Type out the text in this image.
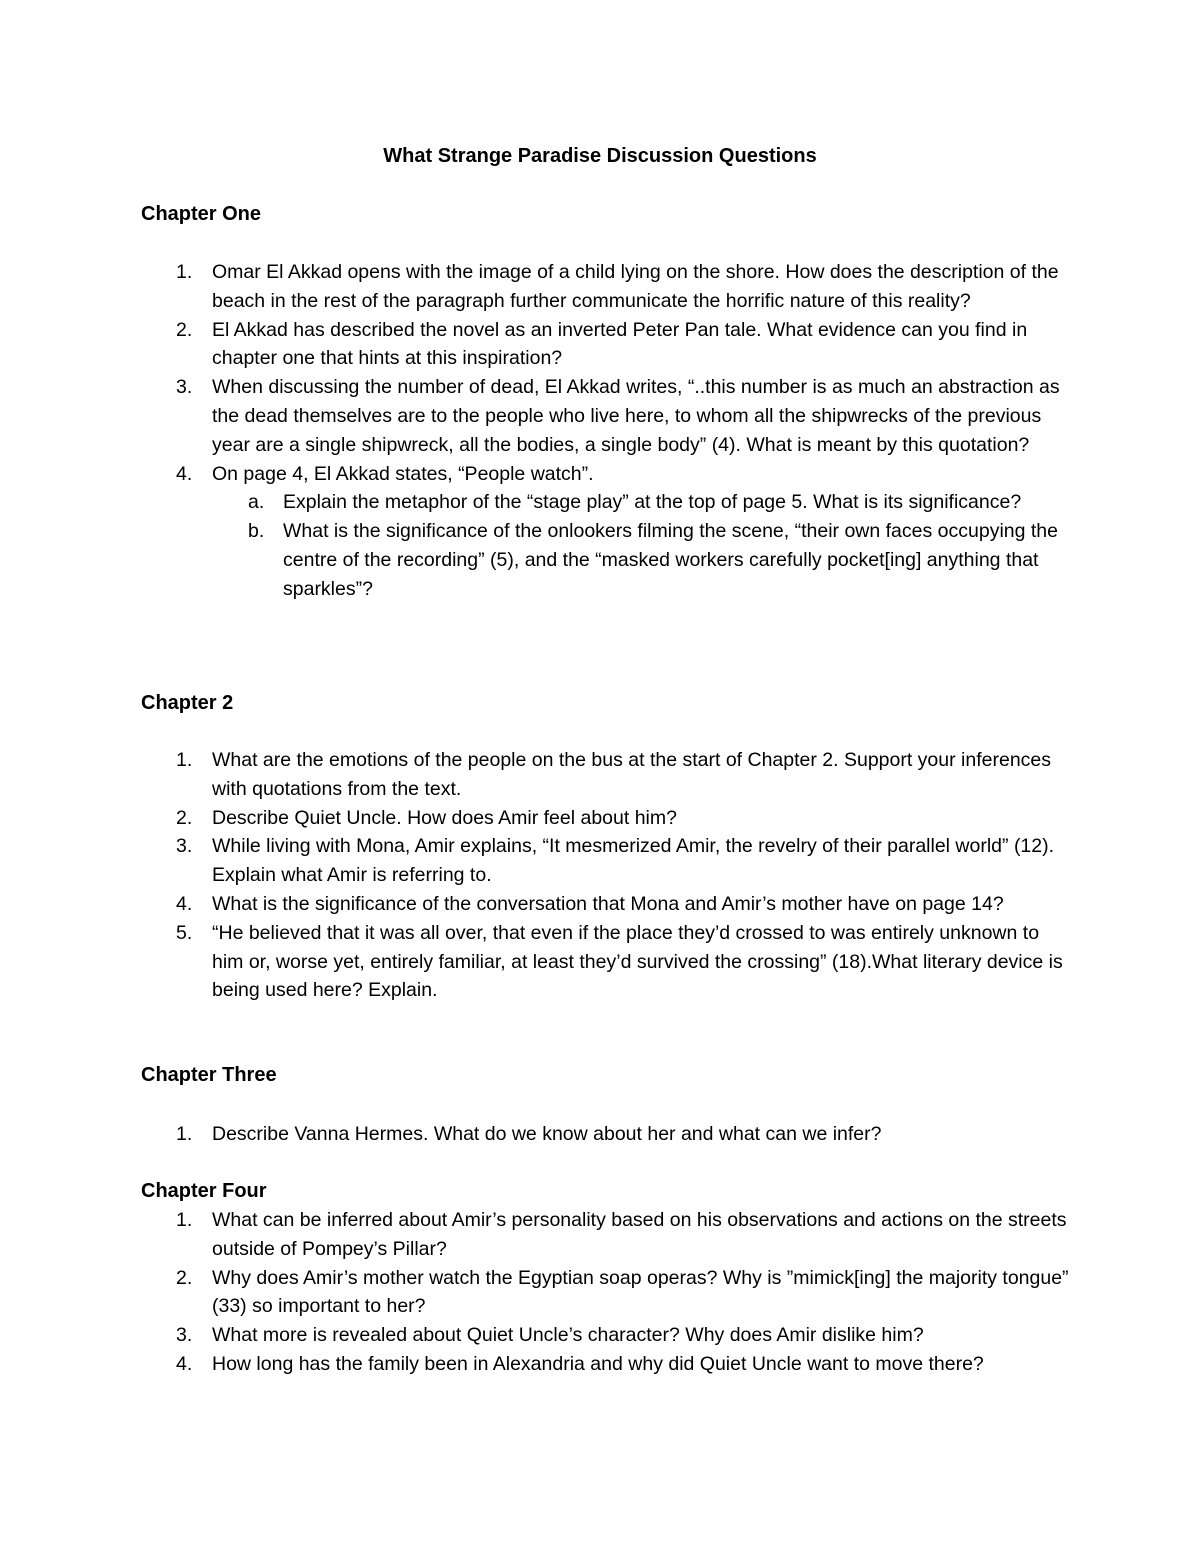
What Strange Paradise Discussion Questions
Chapter One
1. Omar El Akkad opens with the image of a child lying on the shore. How does the description of the beach in the rest of the paragraph further communicate the horrific nature of this reality?
2. El Akkad has described the novel as an inverted Peter Pan tale. What evidence can you find in chapter one that hints at this inspiration?
3. When discussing the number of dead, El Akkad writes, “..this number is as much an abstraction as the dead themselves are to the people who live here, to whom all the shipwrecks of the previous year are a single shipwreck, all the bodies, a single body” (4). What is meant by this quotation?
4. On page 4, El Akkad states, “People watch”.
a. Explain the metaphor of the “stage play” at the top of page 5. What is its significance?
b. What is the significance of the onlookers filming the scene, “their own faces occupying the centre of the recording” (5), and the “masked workers carefully pocket[ing] anything that sparkles”?
Chapter 2
1. What are the emotions of the people on the bus at the start of Chapter 2. Support your inferences with quotations from the text.
2. Describe Quiet Uncle. How does Amir feel about him?
3. While living with Mona, Amir explains, “It mesmerized Amir, the revelry of their parallel world” (12). Explain what Amir is referring to.
4. What is the significance of the conversation that Mona and Amir’s mother have on page 14?
5. “He believed that it was all over, that even if the place they’d crossed to was entirely unknown to him or, worse yet, entirely familiar, at least they’d survived the crossing” (18).What literary device is being used here? Explain.
Chapter Three
1. Describe Vanna Hermes. What do we know about her and what can we infer?
Chapter Four
1. What can be inferred about Amir’s personality based on his observations and actions on the streets outside of Pompey’s Pillar?
2. Why does Amir’s mother watch the Egyptian soap operas? Why is ”mimick[ing] the majority tongue” (33) so important to her?
3. What more is revealed about Quiet Uncle’s character? Why does Amir dislike him?
4. How long has the family been in Alexandria and why did Quiet Uncle want to move there?
